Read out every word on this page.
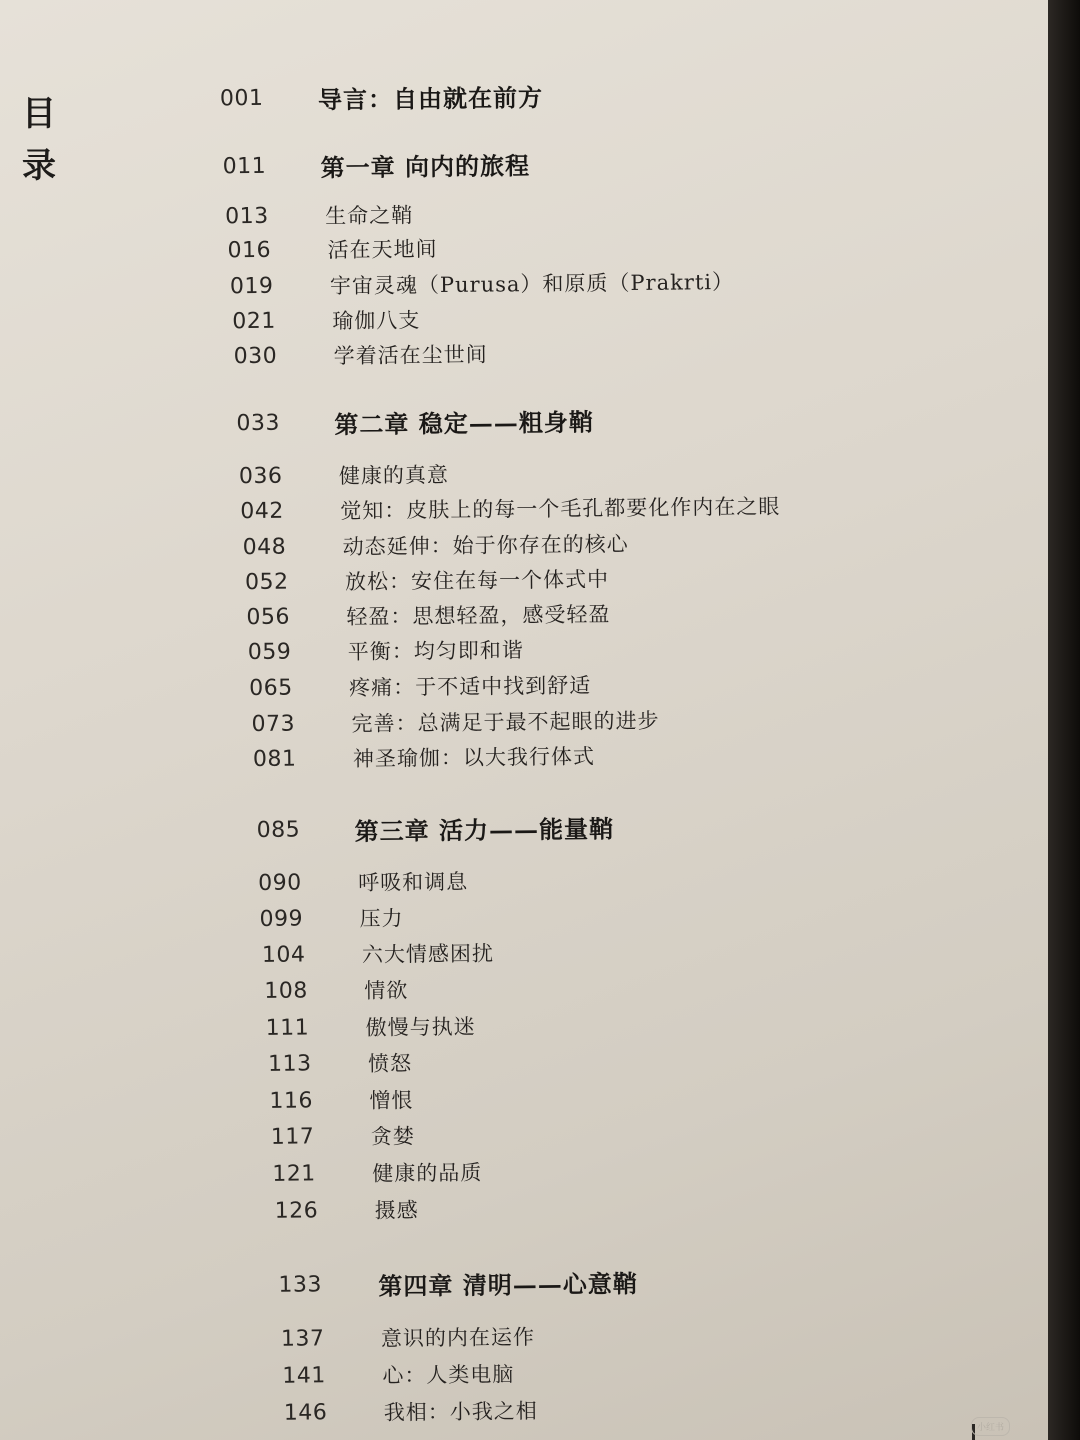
目
录
001	导言：自由就在前方
011	第一章 向内的旅程
013	生命之鞘
016	活在天地间
019	宇宙灵魂（Purusa）和原质（Prakrti）
021	瑜伽八支
030	学着活在尘世间
033	第二章 稳定——粗身鞘
036	健康的真意
042	觉知：皮肤上的每一个毛孔都要化作内在之眼
048	动态延伸：始于你存在的核心
052	放松：安住在每一个体式中
056	轻盈：思想轻盈，感受轻盈
059	平衡：均匀即和谐
065	疼痛：于不适中找到舒适
073	完善：总满足于最不起眼的进步
081	神圣瑜伽：以大我行体式
085	第三章 活力——能量鞘
090	呼吸和调息
099	压力
104	六大情感困扰
108	情欲
111	傲慢与执迷
113	愤怒
116	憎恨
117	贪婪
121	健康的品质
126	摄感
133	第四章 清明——心意鞘
137	意识的内在运作
141	心：人类电脑
146	我相：小我之相
小红书
